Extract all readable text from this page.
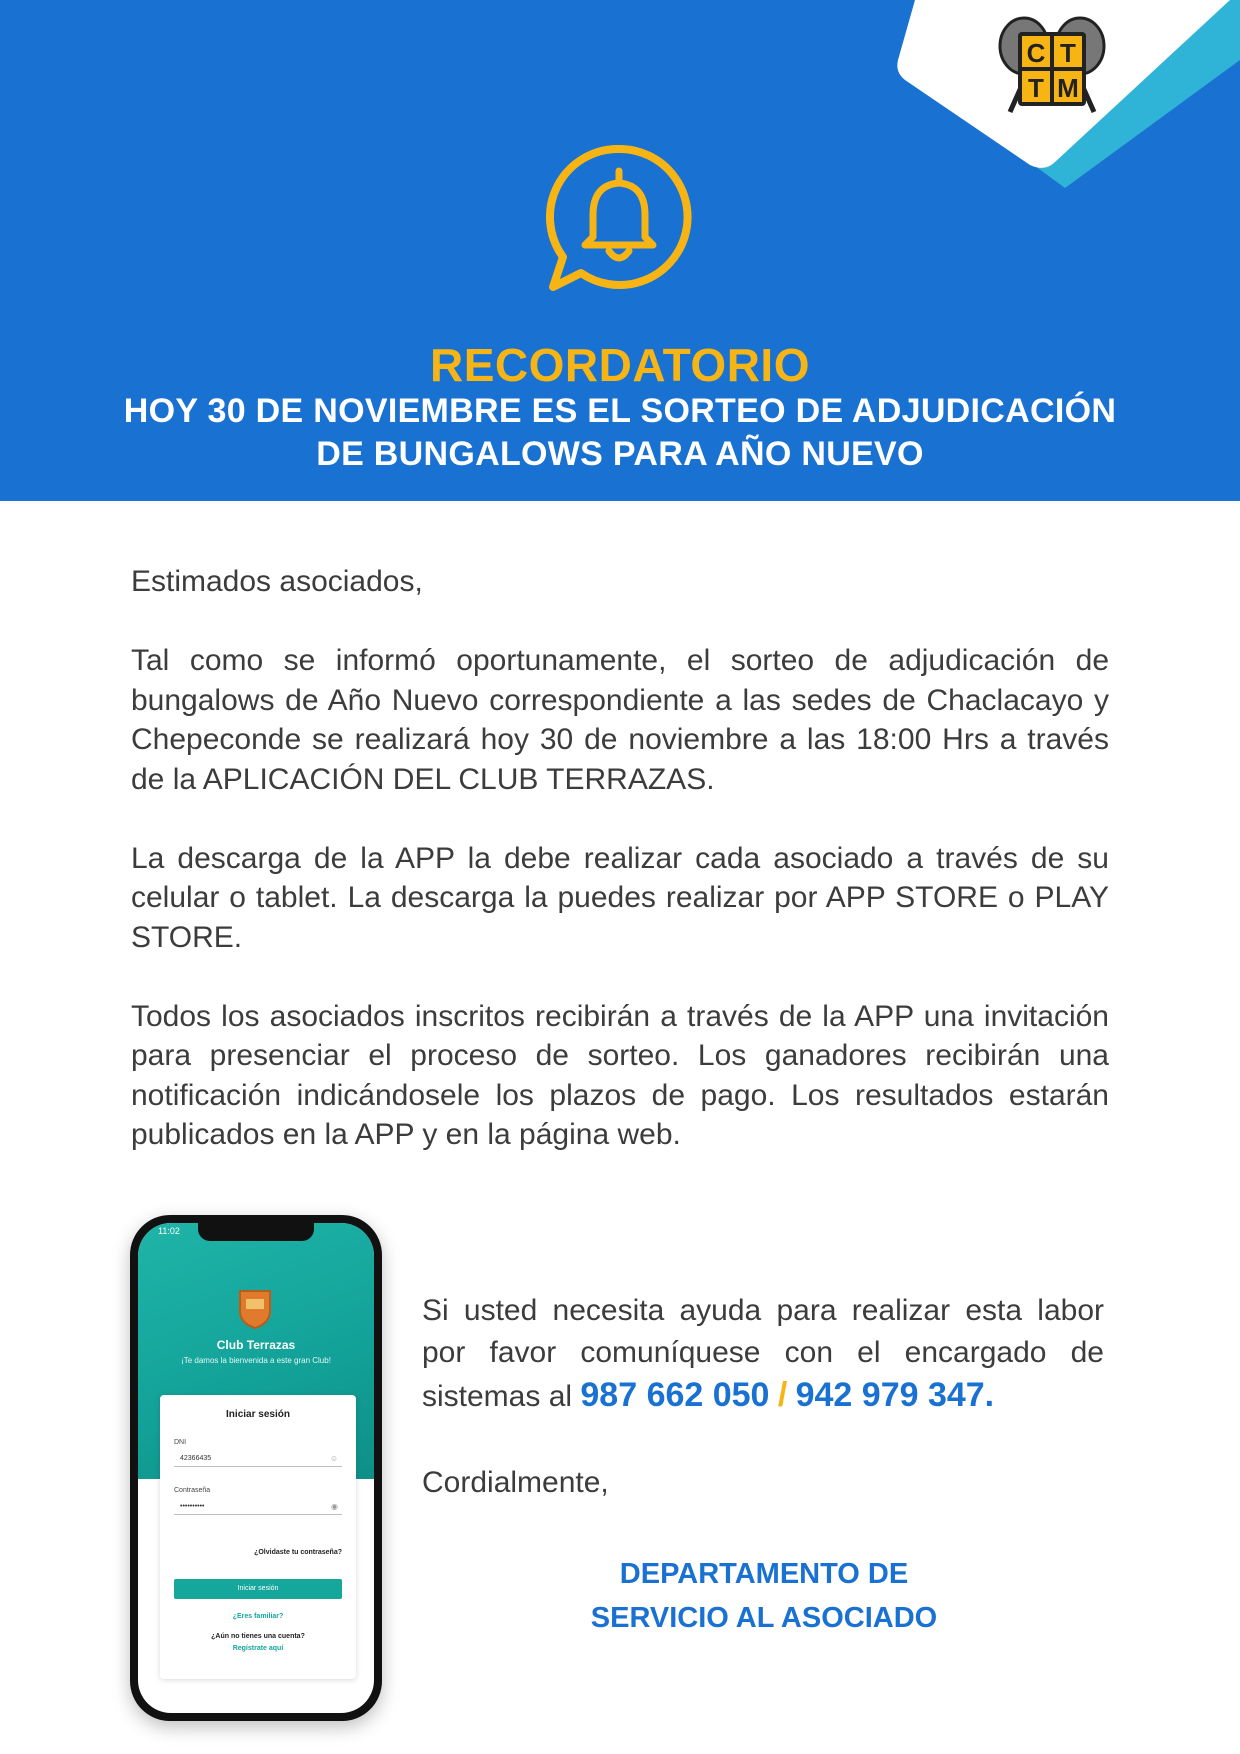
C T
T M
RECORDATORIO
HOY 30 DE NOVIEMBRE ES EL SORTEO DE ADJUDICACIÓN
DE BUNGALOWS PARA AÑO NUEVO

Estimados asociados,

Tal como se informó oportunamente, el sorteo de adjudicación de bungalows de Año Nuevo correspondiente a las sedes de Chaclacayo y Chepeconde se realizará hoy 30 de noviembre a las 18:00 Hrs a través de la APLICACIÓN DEL CLUB TERRAZAS.

La descarga de la APP la debe realizar cada asociado a través de su celular o tablet. La descarga la puedes realizar por APP STORE o PLAY STORE.

Todos los asociados inscritos recibirán a través de la APP una invitación para presenciar el proceso de sorteo. Los ganadores recibirán una notificación indicándosele los plazos de pago. Los resultados estarán publicados en la APP y en la página web.

11:02
Club Terrazas
¡Te damos la bienvenida a este gran Club!
Iniciar sesión
DNI
42366435	☺
Contraseña
••••••••••	◉
¿Olvidaste tu contraseña?
Iniciar sesión
¿Eres familiar?
¿Aún no tienes una cuenta?
Regístrate aquí
Si usted necesita ayuda para realizar esta labor
por favor comuníquese con el encargado de
sistemas al 987 662 050 / 942 979 347.
Cordialmente,
DEPARTAMENTO DE
SERVICIO AL ASOCIADO
